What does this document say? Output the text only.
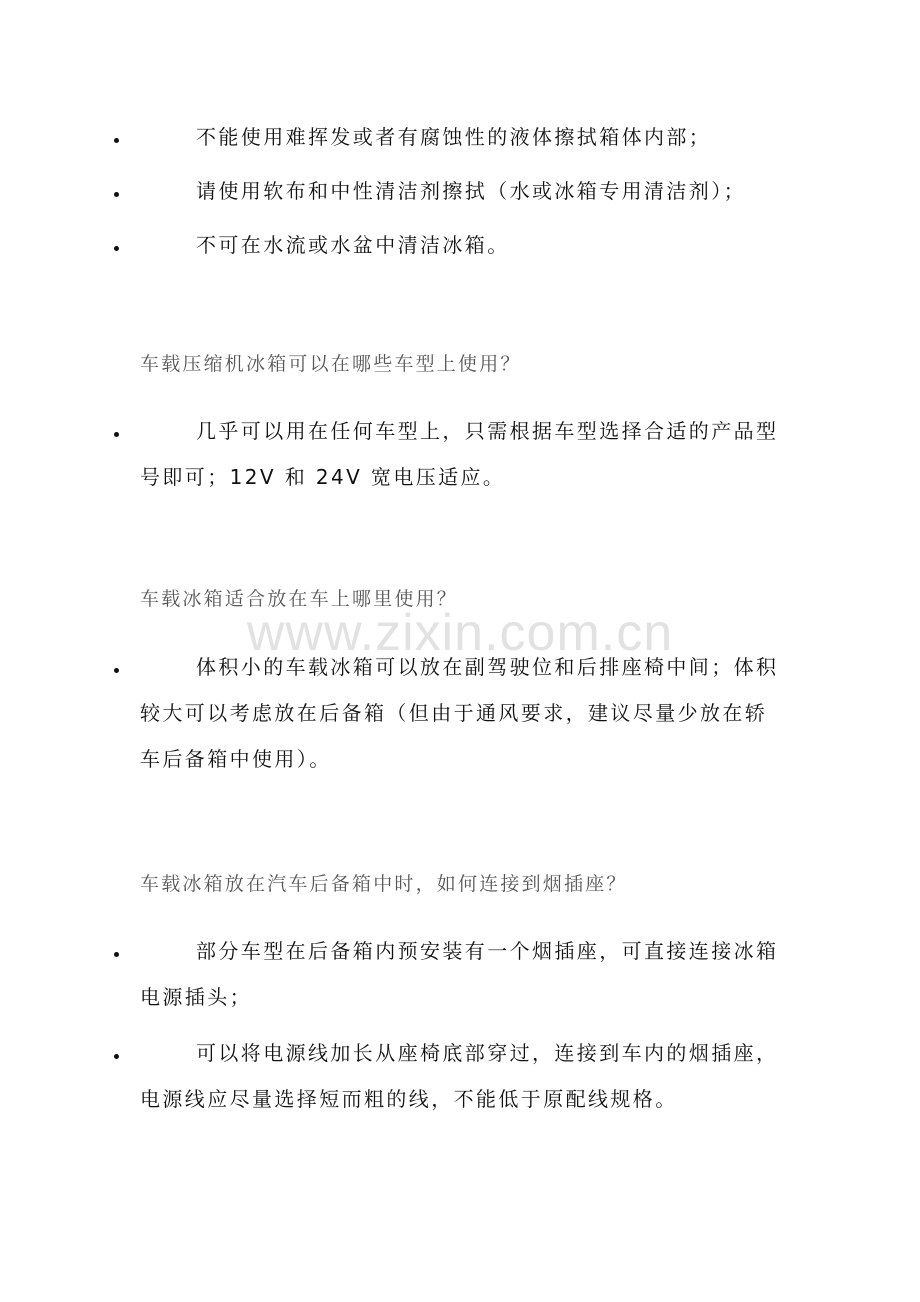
不能使用难挥发或者有腐蚀性的液体擦拭箱体内部；
请使用软布和中性清洁剂擦拭（水或冰箱专用清洁剂）；
不可在水流或水盆中清洁冰箱。
车载压缩机冰箱可以在哪些车型上使用？
几乎可以用在任何车型上，只需根据车型选择合适的产品型号即可；12V 和 24V 宽电压适应。
车载冰箱适合放在车上哪里使用？
www.zixin.com.cn
体积小的车载冰箱可以放在副驾驶位和后排座椅中间；体积较大可以考虑放在后备箱（但由于通风要求，建议尽量少放在轿车后备箱中使用）。
车载冰箱放在汽车后备箱中时，如何连接到烟插座？
部分车型在后备箱内预安装有一个烟插座，可直接连接冰箱电源插头；
可以将电源线加长从座椅底部穿过，连接到车内的烟插座，电源线应尽量选择短而粗的线，不能低于原配线规格。
